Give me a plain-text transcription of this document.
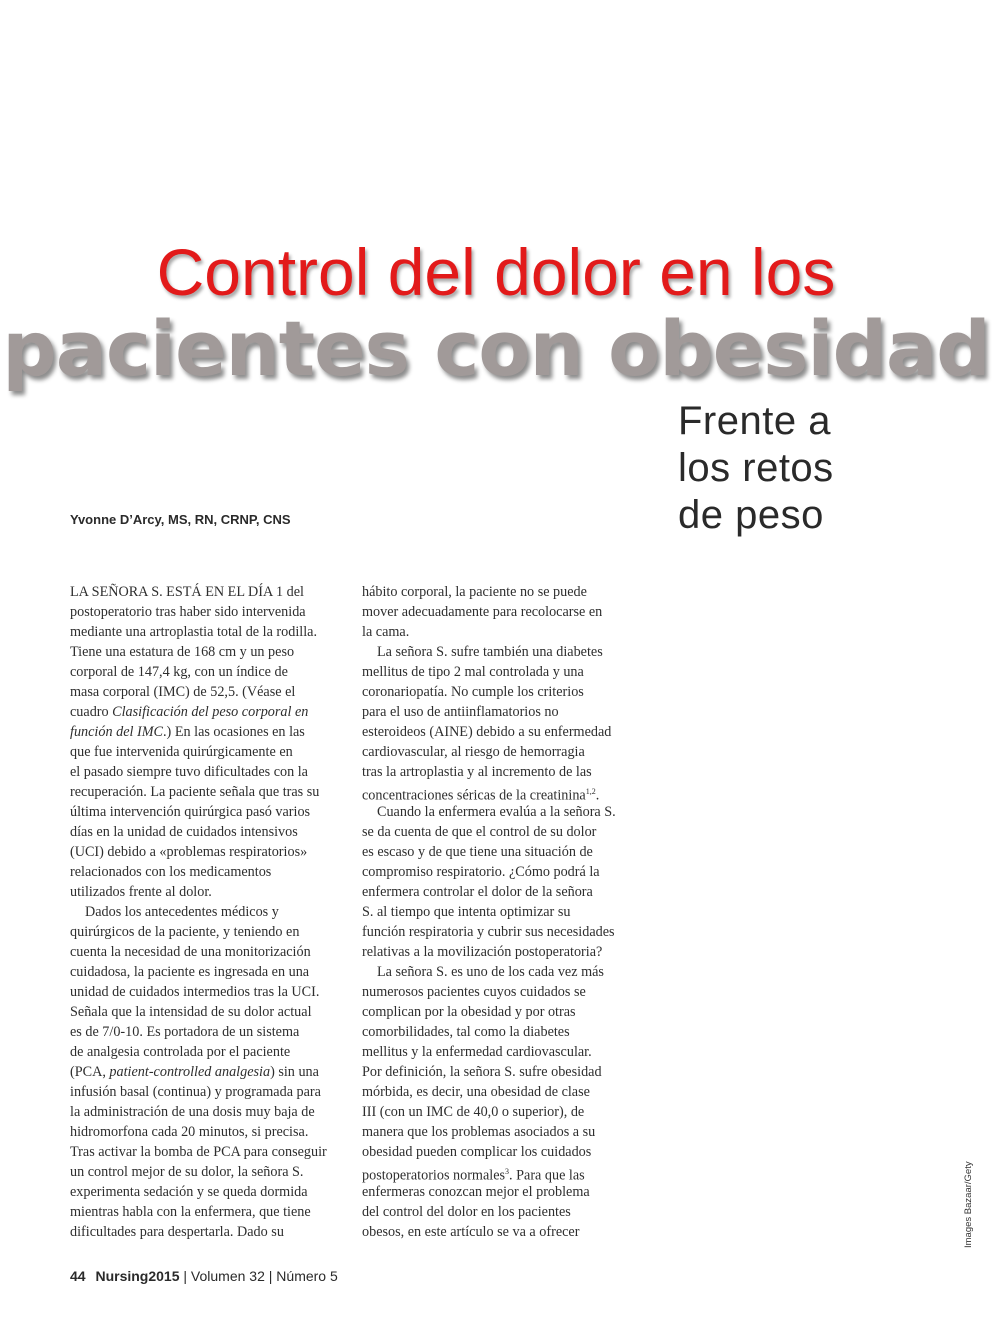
Control del dolor en los
pacientes con obesidad
Frente a
los retos
de peso
Yvonne D’Arcy, MS, RN, CRNP, CNS
LA SEÑORA S. ESTÁ EN EL DÍA 1 del
postoperatorio tras haber sido intervenida
mediante una artroplastia total de la rodilla.
Tiene una estatura de 168 cm y un peso
corporal de 147,4 kg, con un índice de
masa corporal (IMC) de 52,5. (Véase el
cuadro Clasificación del peso corporal en
función del IMC.) En las ocasiones en las
que fue intervenida quirúrgicamente en
el pasado siempre tuvo dificultades con la
recuperación. La paciente señala que tras su
última intervención quirúrgica pasó varios
días en la unidad de cuidados intensivos
(UCI) debido a «problemas respiratorios»
relacionados con los medicamentos
utilizados frente al dolor.
Dados los antecedentes médicos y
quirúrgicos de la paciente, y teniendo en
cuenta la necesidad de una monitorización
cuidadosa, la paciente es ingresada en una
unidad de cuidados intermedios tras la UCI.
Señala que la intensidad de su dolor actual
es de 7/0-10. Es portadora de un sistema
de analgesia controlada por el paciente
(PCA, patient-controlled analgesia) sin una
infusión basal (continua) y programada para
la administración de una dosis muy baja de
hidromorfona cada 20 minutos, si precisa.
Tras activar la bomba de PCA para conseguir
un control mejor de su dolor, la señora S.
experimenta sedación y se queda dormida
mientras habla con la enfermera, que tiene
dificultades para despertarla. Dado su
hábito corporal, la paciente no se puede
mover adecuadamente para recolocarse en
la cama.
La señora S. sufre también una diabetes
mellitus de tipo 2 mal controlada y una
coronariopatía. No cumple los criterios
para el uso de antiinflamatorios no
esteroideos (AINE) debido a su enfermedad
cardiovascular, al riesgo de hemorragia
tras la artroplastia y al incremento de las
concentraciones séricas de la creatinina$^{1,2}$.
Cuando la enfermera evalúa a la señora S.
se da cuenta de que el control de su dolor
es escaso y de que tiene una situación de
compromiso respiratorio. ¿Cómo podrá la
enfermera controlar el dolor de la señora
S. al tiempo que intenta optimizar su
función respiratoria y cubrir sus necesidades
relativas a la movilización postoperatoria?
La señora S. es uno de los cada vez más
numerosos pacientes cuyos cuidados se
complican por la obesidad y por otras
comorbilidades, tal como la diabetes
mellitus y la enfermedad cardiovascular.
Por definición, la señora S. sufre obesidad
mórbida, es decir, una obesidad de clase
III (con un IMC de 40,0 o superior), de
manera que los problemas asociados a su
obesidad pueden complicar los cuidados
postoperatorios normales$^3$. Para que las
enfermeras conozcan mejor el problema
del control del dolor en los pacientes
obesos, en este artículo se va a ofrecer	Images Bazaar/Gety
44 Nursing2015 | Volumen 32 | Número 5
